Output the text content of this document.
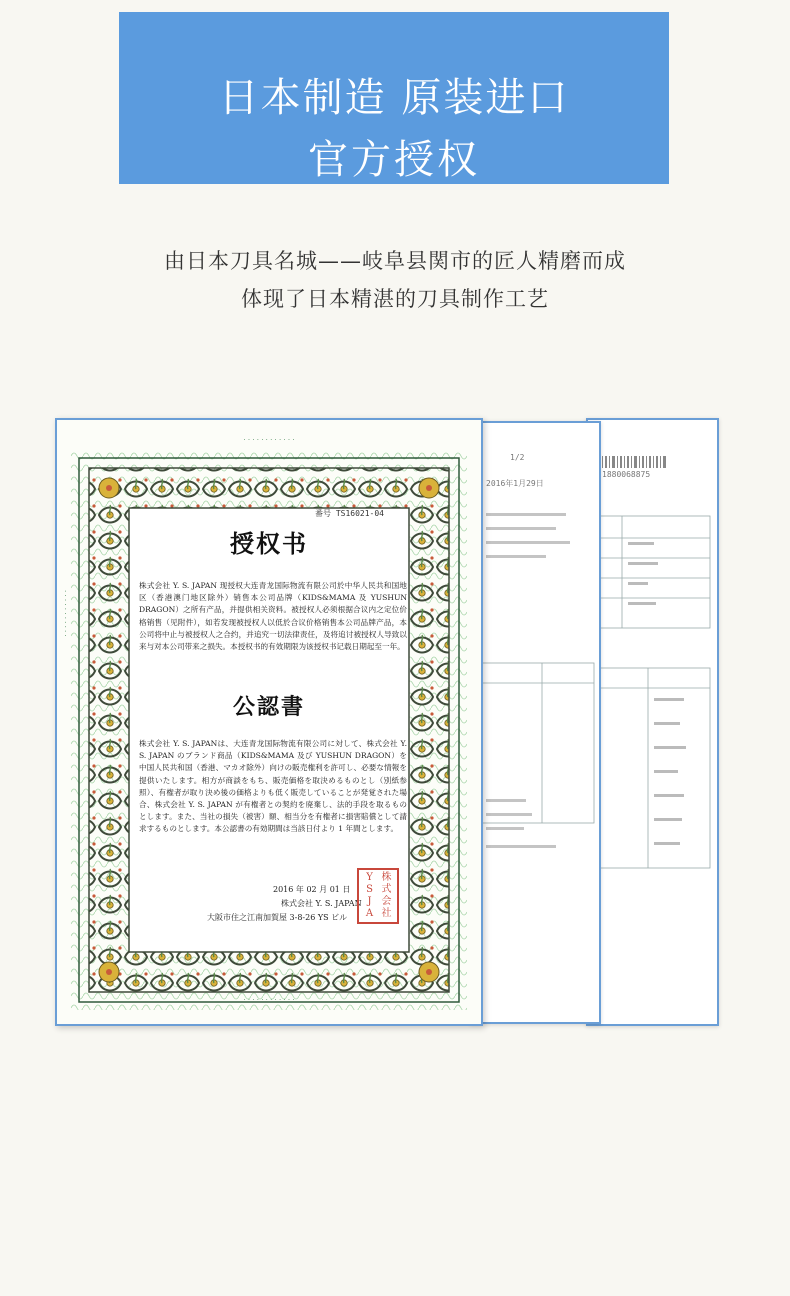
日本制造 原装进口
官方授权
由日本刀具名城——岐阜县関市的匠人精磨而成
体现了日本精湛的刀具制作工艺
1880068875
2016年1月29日
1/2
· · · · · · · · · · · ·
· · · · · · · · · · ·
番号 TS16021-04
授权书
株式会社 Y. S. JAPAN 现授权大连青龙国际物流有限公司於中华人民共和国地区（香港澳门地区除外）销售本公司品牌（KIDS&MAMA 及 YUSHUN DRAGON）之所有产品，并提供相关资料。被授权人必须根据合议内之定位价格销售（见附件），如若发现被授权人以低於合议价格销售本公司品牌产品，本公司将中止与被授权人之合约，并追究一切法律责任，及将追讨被授权人导致以来与对本公司带来之损失。本授权书的有效期限为该授权书记载日期起至一年。
公認書
株式会社 Y. S. JAPANは、大连青龙国际物流有限公司に対して、株式会社 Y. S. JAPAN のブランド商品（KIDS&MAMA 及び YUSHUN DRAGON）を中国人民共和国（香港、マカオ除外）向けの販売権利を許可し、必要な情報を提供いたします。相方が商談をもち、販売価格を取決めるものとし（別紙参照）、有権者が取り決め後の価格よりも低く販売していることが発覚された場合、株式会社 Y. S. JAPAN が有権者との契約を廃棄し、法的手段を取るものとします。また、当社の損失（被害）額、相当分を有権者に損害賠償として請求するものとします。本公認書の有効期間は当該日付より 1 年間とします。
2016 年 02 月 01 日
株式会社 Y. S. JAPAN
大阪市住之江南加賀屋 3-8-26 YS ビル
Y 株
S 式
J	会
A 社
· · · · · · · · · · · ·
